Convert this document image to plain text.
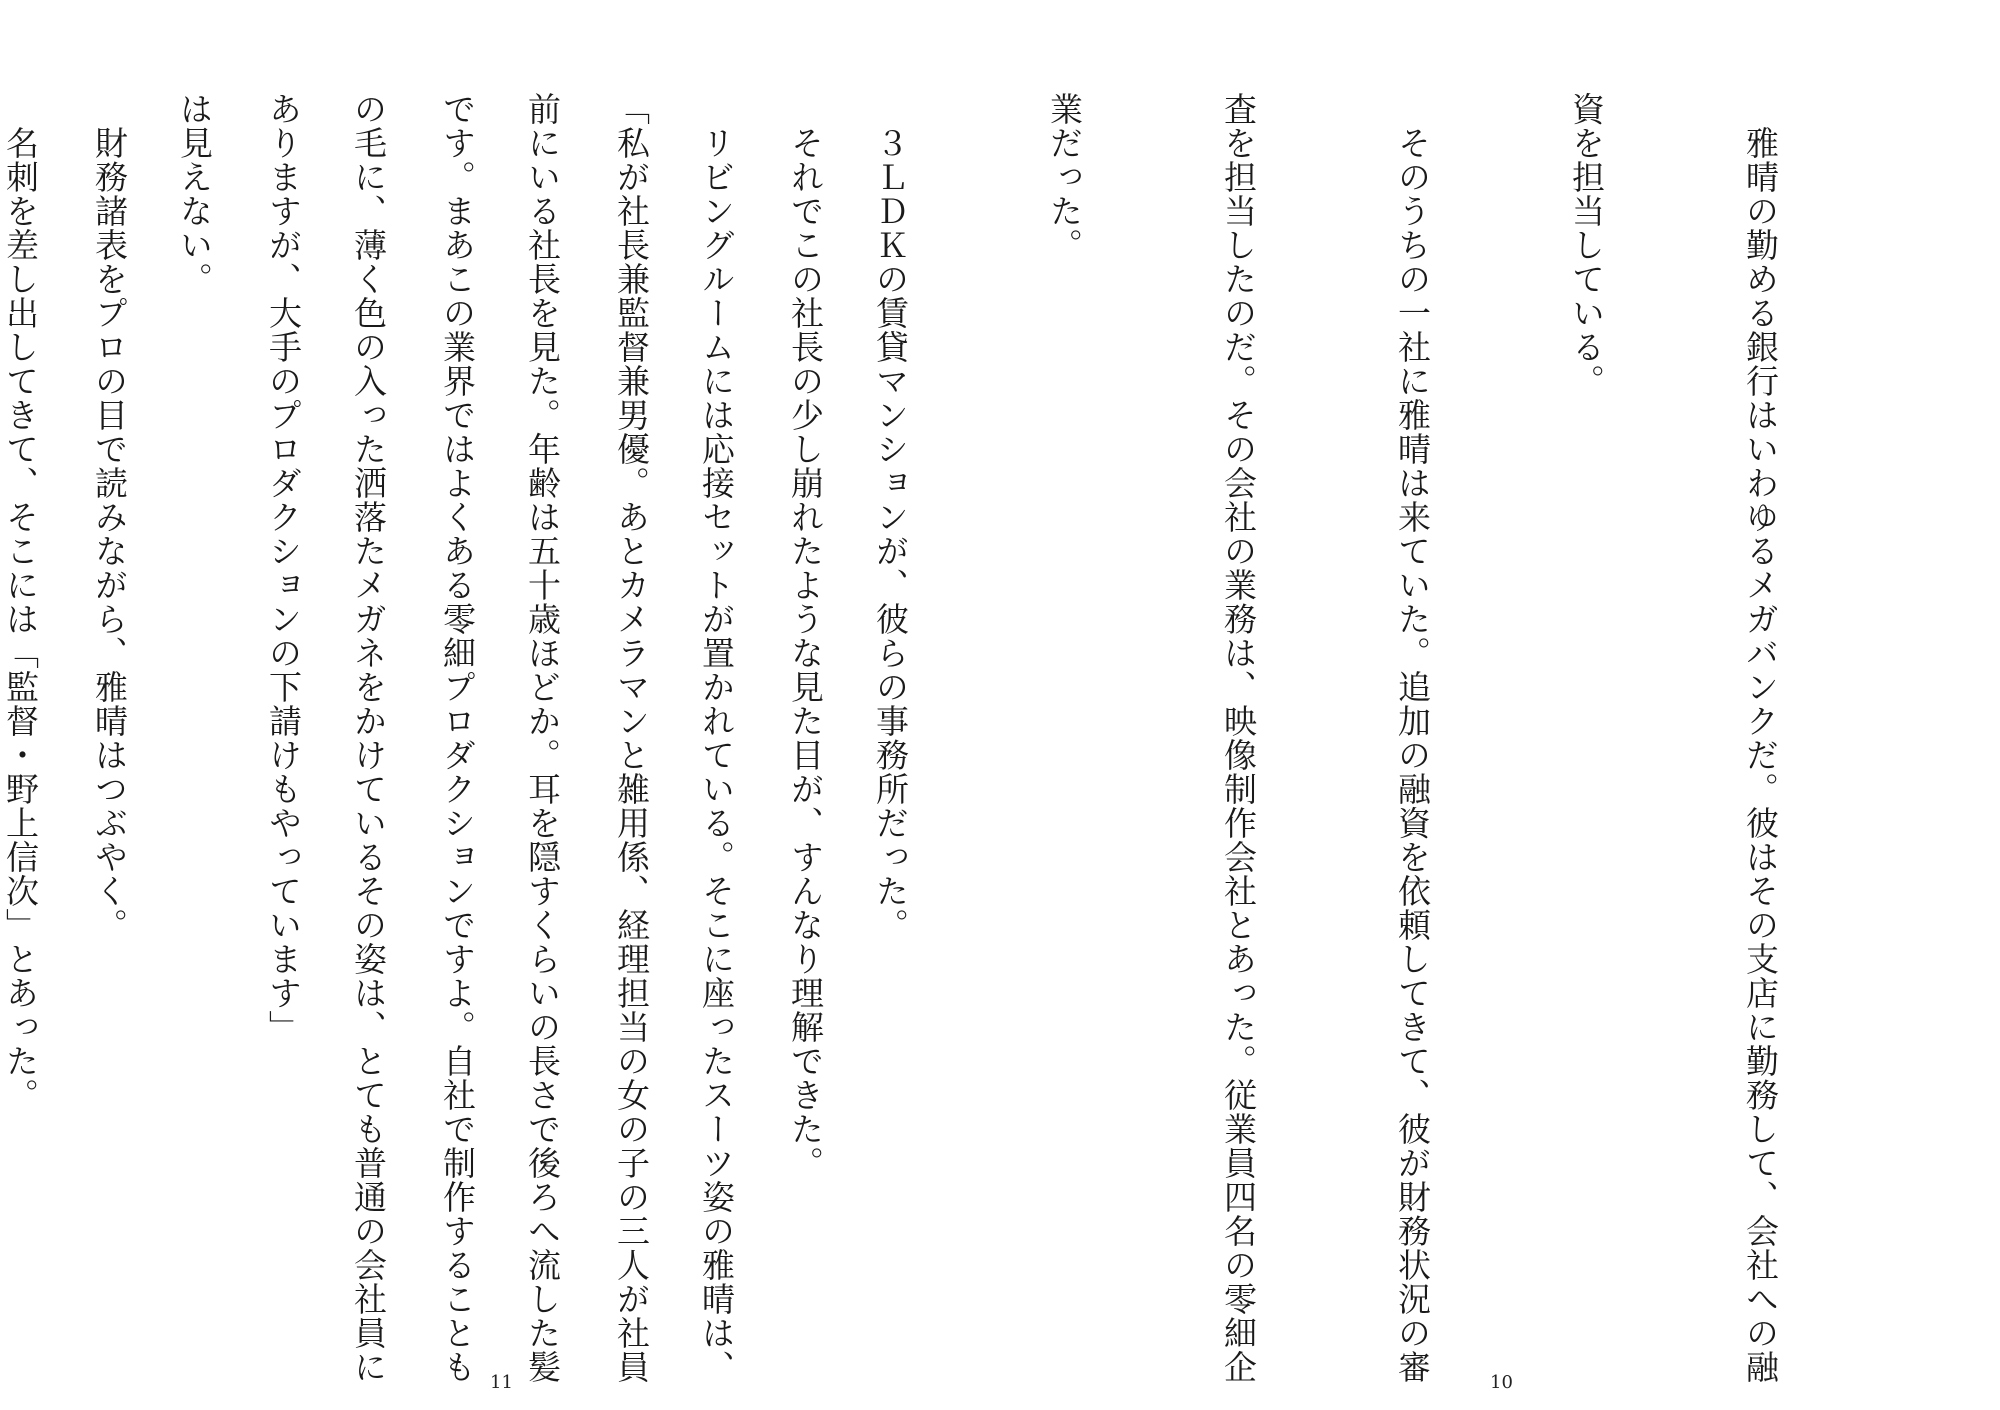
　それでこの社長の少し崩れたような見た目が、すんなり理解できた。

「私が社長兼監督兼男優。あとカメラマンと雑用係、経理担当の女の子の三人が社員

です。まあこの業界ではよくある零細プロダクションですよ。自社で制作することも

ありますが、大手のプロダクションの下請けもやっています」

　財務諸表をプロの目で読みながら、雅晴はつぶやく。

11

	　雅晴の勤める銀行はいわゆるメガバンクだ。彼はその支店に勤務して、会社への融

資を担当している。

　そのうちの一社に雅晴は来ていた。追加の融資を依頼してきて、彼が財務状況の審

査を担当したのだ。その会社の業務は、映像制作会社とあった。従業員四名の零細企

業だった。

　３ＬＤＫの賃貸マンションが、彼らの事務所だった。

　リビングルームには応接セットが置かれている。そこに座ったスーツ姿の雅晴は、

前にいる社長を見た。年齢は五十歳ほどか。耳を隠すくらいの長さで後ろへ流した髪

の毛に、薄く色の入った洒落たメガネをかけているその姿は、とても普通の会社員に

は見えない。

　名刺を差し出してきて、そこには「監督・野上信次」とあった。

10
